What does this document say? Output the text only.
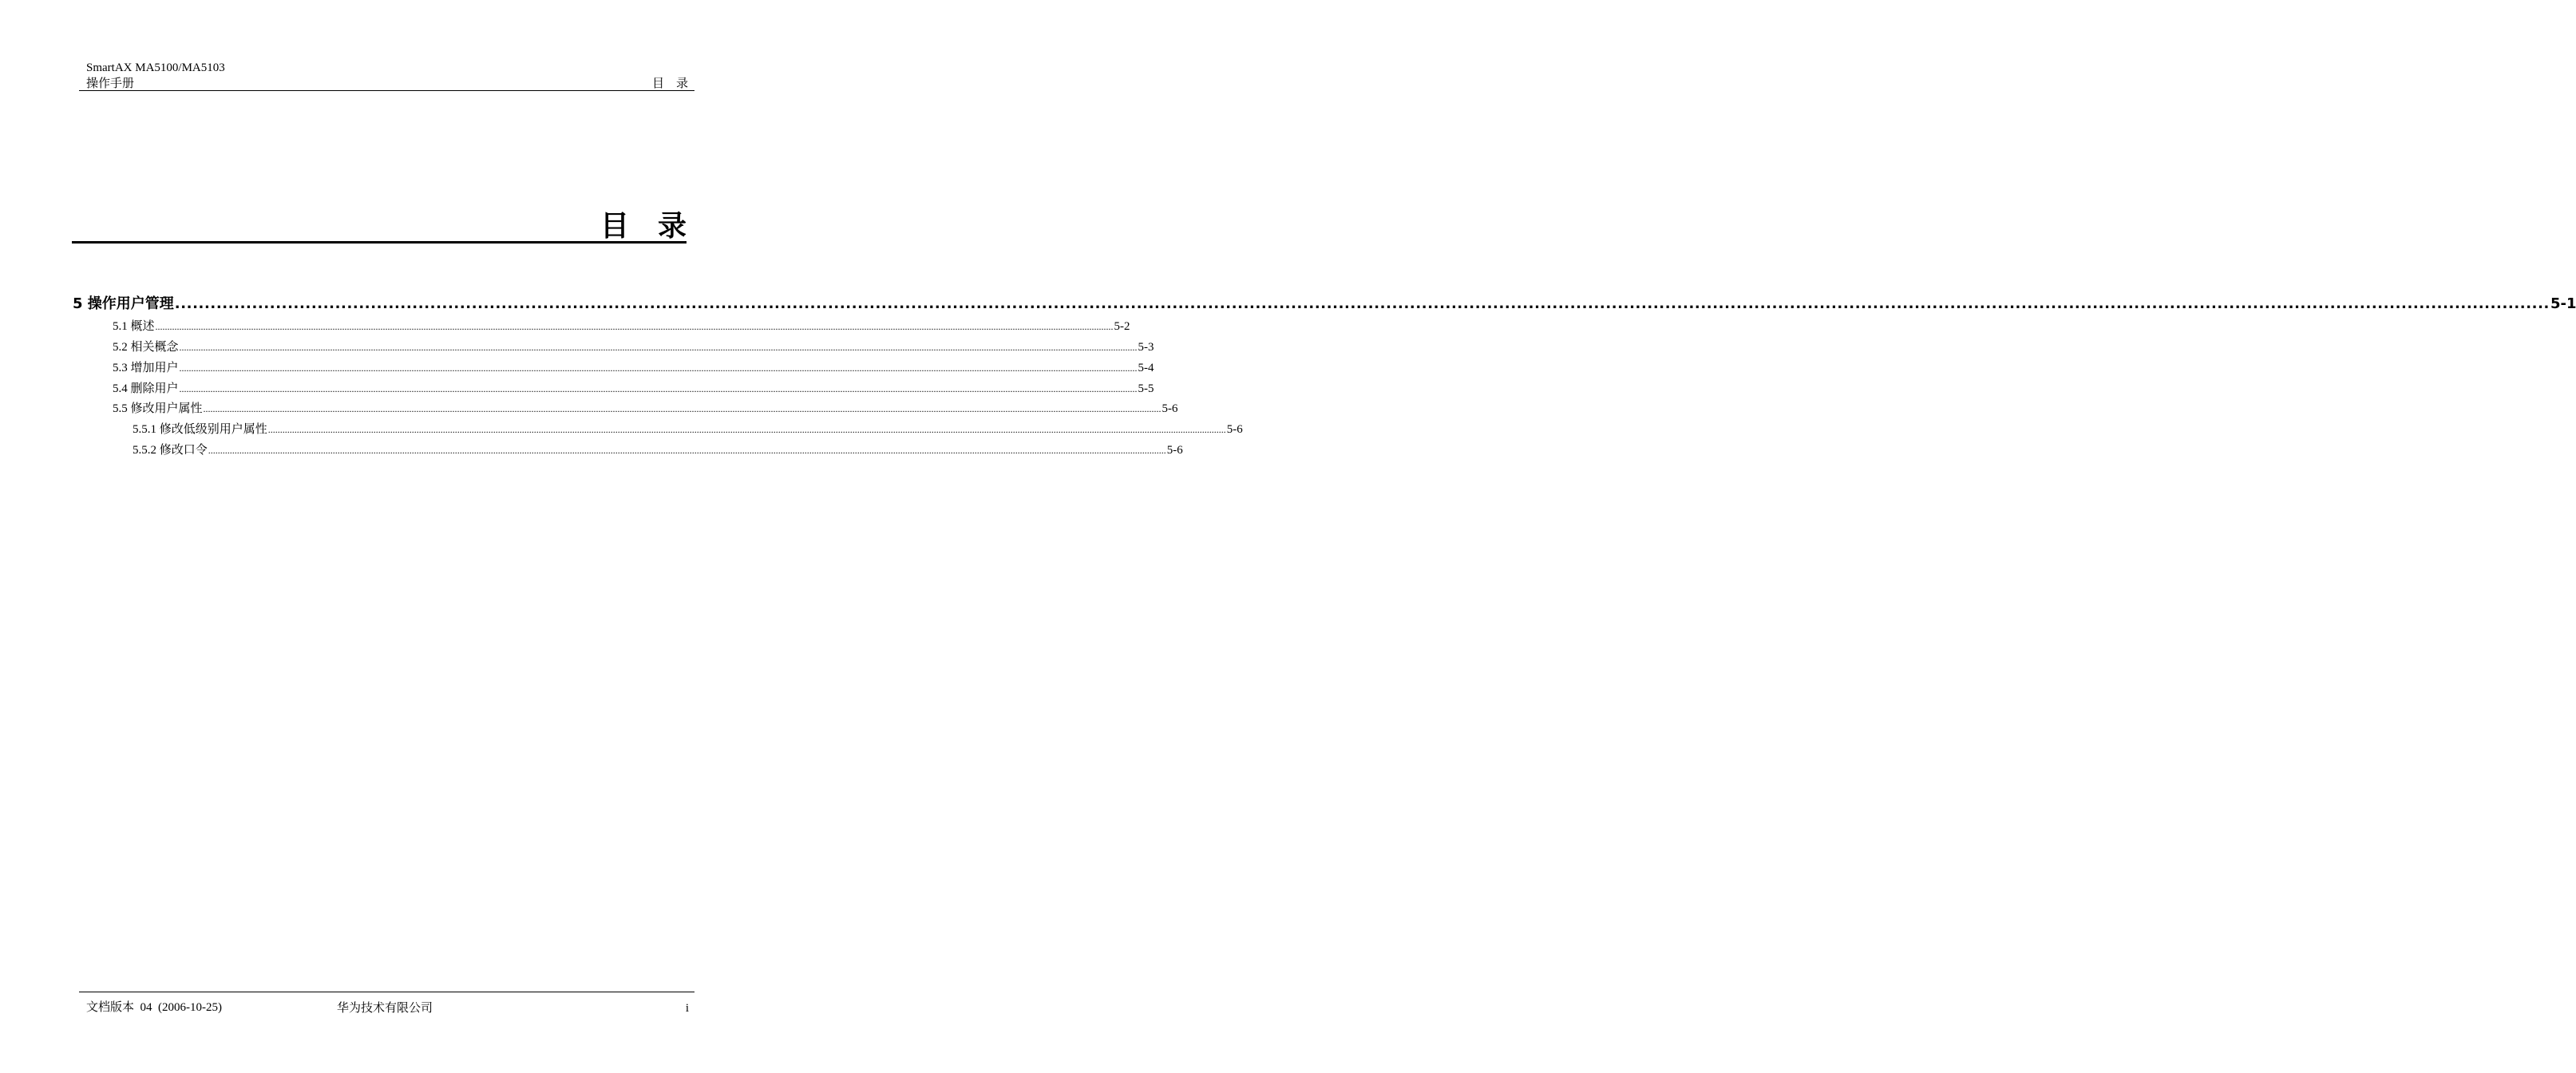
SmartAX MA5100/MA5103
操作手册	目　录
目　录
5 操作用户管理 ................................................................................................................................................................................................................................................................................................................................................................................................................ 5-1
5.1 概述 ................................................................................................................................................................................................................................................................................................................................................................................................................ 5-2
5.2 相关概念 ................................................................................................................................................................................................................................................................................................................................................................................................................ 5-3
5.3 增加用户 ................................................................................................................................................................................................................................................................................................................................................................................................................ 5-4
5.4 删除用户 ................................................................................................................................................................................................................................................................................................................................................................................................................ 5-5
5.5 修改用户属性 ................................................................................................................................................................................................................................................................................................................................................................................................................ 5-6
5.5.1 修改低级别用户属性 ................................................................................................................................................................................................................................................................................................................................................................................................................ 5-6
5.5.2 修改口令 ................................................................................................................................................................................................................................................................................................................................................................................................................ 5-6
文档版本  04  (2006-10-25)	华为技术有限公司	i
